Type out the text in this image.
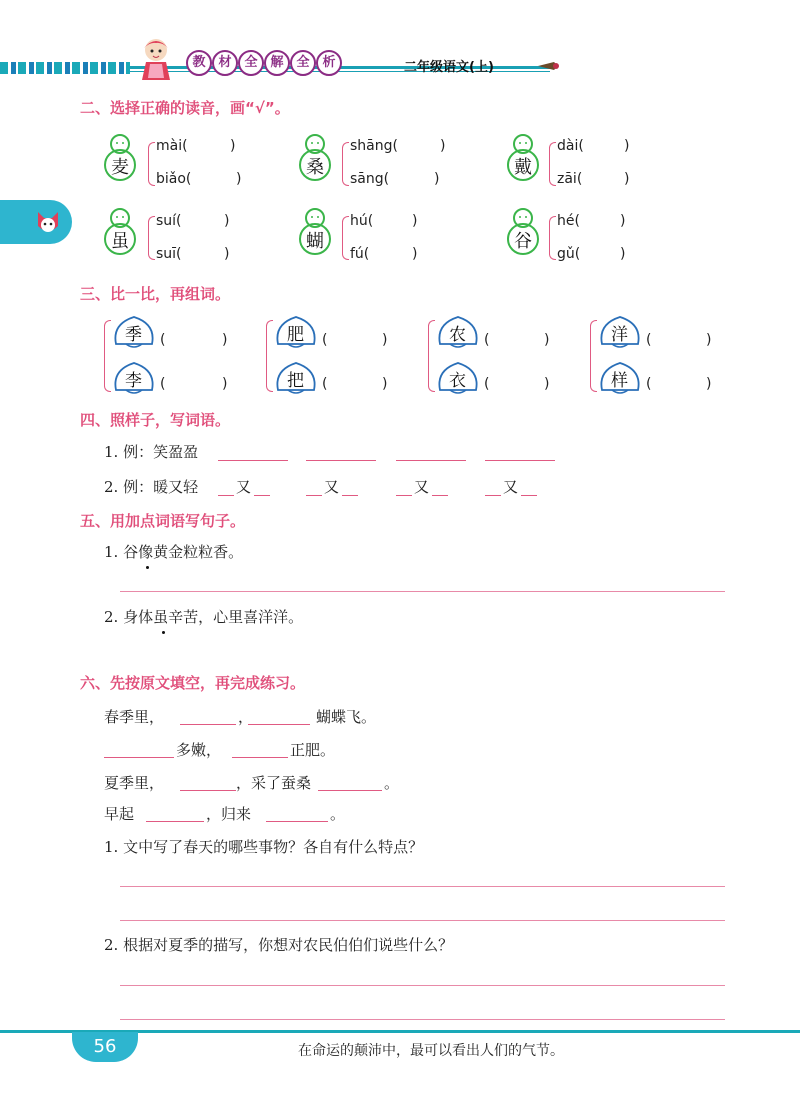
教 材 全 解 全 析	二年级语文(上)
二、选择正确的读音，画“√”。
麦
mài(	)
biǎo(	)
桑
shāng(	)
sāng(	)
戴
dài(	)
zāi(	)
虽
suí(	)
suī(	)
蝴
hú(	)
fú(	)
谷
hé(	)
gǔ(	)
三、比一比，再组词。
季 (	)
李 (	)
肥 (	)
把 (	)
农 (	)
衣 (	)
洋 (	)
样 (	)
四、照样子，写词语。
1. 例：笑盈盈
2. 例：暖又轻	又	又	又	又
五、用加点词语写句子。
1. 谷像黄金粒粒香。
2. 身体虽辛苦，心里喜洋洋。
六、先按原文填空，再完成练习。
春季里，	，	蝴蝶飞。
多嫩，	正肥。
夏季里，	，采了蚕桑	。
早起	，归来	。
1. 文中写了春天的哪些事物？各自有什么特点？
2. 根据对夏季的描写，你想对农民伯伯们说些什么？
56	在命运的颠沛中，最可以看出人们的气节。
